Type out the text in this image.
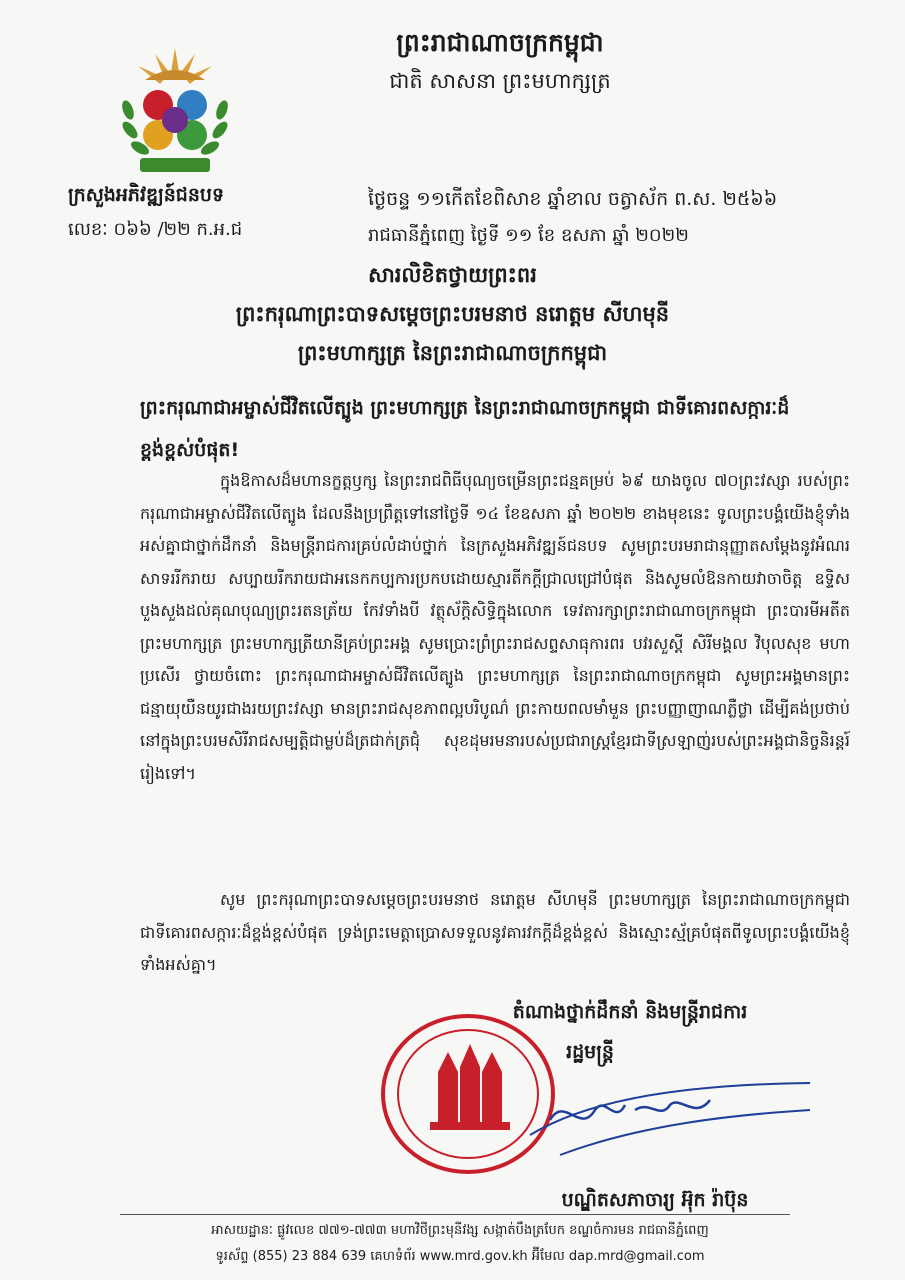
ព្រះរាជាណាចក្រកម្ពុជា
ជាតិ សាសនា ព្រះមហាក្សត្រ
ក្រសួងអភិវឌ្ឍន៍ជនបទ
លេខៈ ០៦៦ /២២ ក.អ.ជ
ថ្ងៃចន្ទ ១១កើតខែពិសាខ ឆ្នាំខាល ចត្វាស័ក ព.ស. ២៥៦៦
រាជធានីភ្នំពេញ ថ្ងៃទី ១១ ខែ ឧសភា ឆ្នាំ ២០២២
សារលិខិតថ្វាយព្រះពរ
ព្រះករុណាព្រះបាទសម្តេចព្រះបរមនាថ នរោត្តម សីហមុនី
ព្រះមហាក្សត្រ នៃព្រះរាជាណាចក្រកម្ពុជា
ព្រះករុណាជាអម្ចាស់ជីវិតលើត្បូង ព្រះមហាក្សត្រ នៃព្រះរាជាណាចក្រកម្ពុជា ជាទីគោរពសក្ការៈដ៏ខ្ពង់ខ្ពស់បំផុត!
ក្នុងឱកាសដ៏មហានក្ខត្តឫក្ស នៃព្រះរាជពិធីបុណ្យចម្រើនព្រះជន្មគម្រប់ ៦៩ យាងចូល ៧០ព្រះវស្សា របស់ព្រះករុណាជាអម្ចាស់ជីវិតលើត្បូង ដែលនឹងប្រព្រឹត្តទៅនៅថ្ងៃទី ១៤ ខែឧសភា ឆ្នាំ ២០២២ ខាងមុខនេះ ទូលព្រះបង្គំយើងខ្ញុំទាំងអស់គ្នាជាថ្នាក់ដឹកនាំ និងមន្ត្រីរាជការគ្រប់លំដាប់ថ្នាក់ នៃក្រសួងអភិវឌ្ឍន៍ជនបទ សូមព្រះបរមរាជានុញ្ញាតសម្តែងនូវអំណរសាទររីករាយ សប្បាយរីករាយជាអនេកកប្បការប្រកបដោយស្មារតីកក្តីជ្រាលជ្រៅបំផុត និងសូមលំឱនកាយវាចាចិត្ត ឧទ្ទិសបួងសួងដល់គុណបុណ្យព្រះរតនត្រ័យ កែវទាំងបី វត្ថុស័ក្តិសិទ្ធិក្នុងលោក ទេវតារក្សាព្រះរាជាណាចក្រកម្ពុជា ព្រះបារមីអតីតព្រះមហាក្សត្រ ព្រះមហាក្សត្រីយានីគ្រប់ព្រះអង្គ សូមប្រោះព្រំព្រះរាជសព្ទសាធុការពរ បវរសួស្តី សិរីមង្គល វិបុលសុខ មហាប្រសើរ ថ្វាយចំពោះ ព្រះករុណាជាអម្ចាស់ជីវិតលើត្បូង ព្រះមហាក្សត្រ នៃព្រះរាជាណាចក្រកម្ពុជា សូមព្រះអង្គមានព្រះជន្មាយុយឺនយូរជាងរយព្រះវស្សា មានព្រះរាជសុខភាពល្អបរិបូណ៌ ព្រះកាយពលមាំមួន ព្រះបញ្ញាញាណភ្លឺថ្លា ដើម្បីគង់ប្រថាប់នៅក្នុងព្រះបរមសិរីរាជសម្បត្តិជាម្លប់ដ៏ត្រជាក់ត្រជុំ សុខដុមរមនារបស់ប្រជារាស្ត្រខ្មែរជាទីស្រឡាញ់របស់ព្រះអង្គជានិច្ចនិរន្តរ៍រៀងទៅ។
សូម ព្រះករុណាព្រះបាទសម្តេចព្រះបរមនាថ នរោត្តម សីហមុនី ព្រះមហាក្សត្រ នៃព្រះរាជាណាចក្រកម្ពុជា ជាទីគោរពសក្ការៈដ៏ខ្ពង់ខ្ពស់បំផុត ទ្រង់ព្រះមេត្តាប្រោសទទួលនូវគារវកក្តីដ៏ខ្ពង់ខ្ពស់ និងស្មោះស្ម័គ្របំផុតពីទូលព្រះបង្គំយើងខ្ញុំទាំងអស់គ្នា។
តំណាងថ្នាក់ដឹកនាំ និងមន្ត្រីរាជការ
រដ្ឋមន្ត្រី
បណ្ឌិតសភាចារ្យ អ៊ុក រ៉ាប៊ុន
អាសយដ្ឋានៈ ផ្លូវលេខ ៧៧១-៧៧៣ មហាវិថីព្រះមុនីវង្ស សង្កាត់បឹងត្របែក ខណ្ឌចំការមន រាជធានីភ្នំពេញ
ទូរស័ព្ទ (855) 23 884 639 គេហទំព័រ www.mrd.gov.kh អ៊ីមែល dap.mrd@gmail.com
